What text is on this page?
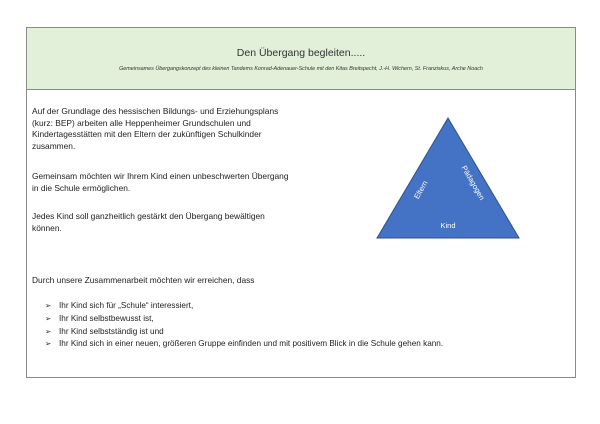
Den Übergang begleiten.....
Gemeinsames Übergangskonzept des kleinen Tandems Konrad-Adenauer-Schule mit den Kitas Breitspecht, J.-H. Wichern, St. Franziskus, Arche Noach
Auf der Grundlage des hessischen Bildungs- und Erziehungsplans
(kurz: BEP) arbeiten alle Heppenheimer Grundschulen und
Kindertagesstätten mit den Eltern der zukünftigen Schulkinder
zusammen.
Gemeinsam möchten wir Ihrem Kind einen unbeschwerten Übergang
in die Schule ermöglichen.
Jedes Kind soll ganzheitlich gestärkt den Übergang bewältigen
können.
Durch unsere Zusammenarbeit möchten wir erreichen, dass
➢ Ihr Kind sich für „Schule“ interessiert,
➢ Ihr Kind selbstbewusst ist,
➢ Ihr Kind selbstständig ist und
➢ Ihr Kind sich in einer neuen, größeren Gruppe einfinden und mit positivem Blick in die Schule gehen kann.
Eltern	Pädagogen
Kind
